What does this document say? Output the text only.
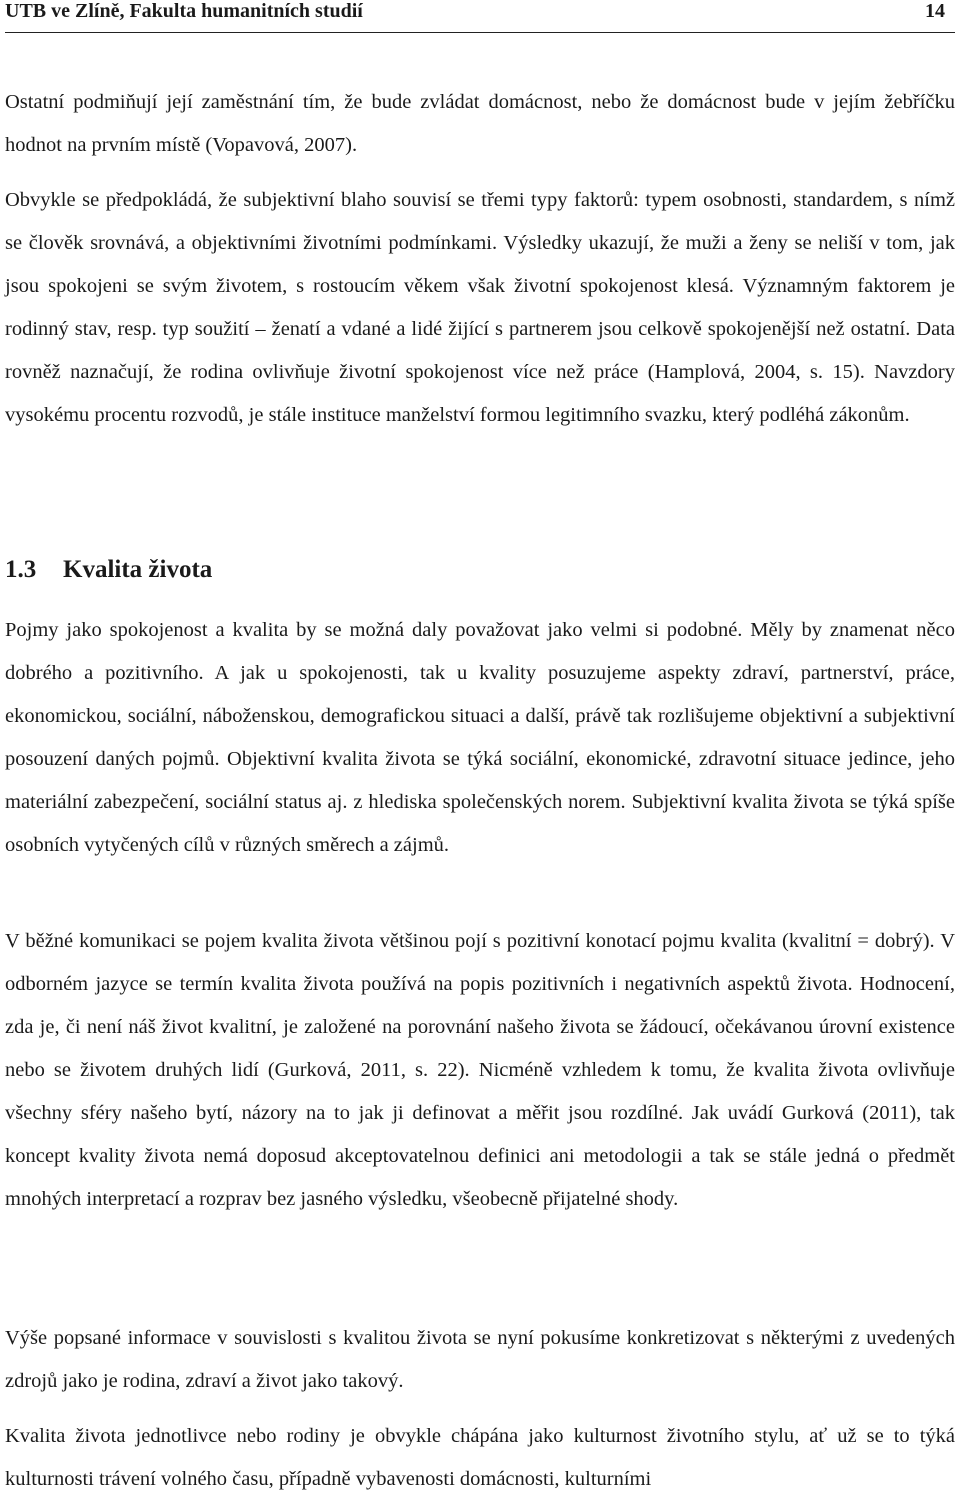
UTB ve Zlíně, Fakulta humanitních studií	14

Ostatní podmiňují její zaměstnání tím, že bude zvládat domácnost, nebo že domácnost bude v jejím žebříčku hodnot na prvním místě (Vopavová, 2007).

Obvykle se předpokládá, že subjektivní blaho souvisí se třemi typy faktorů: typem osobnosti, standardem, s nímž se člověk srovnává, a objektivními životními podmínkami. Výsledky ukazují, že muži a ženy se neliší v tom, jak jsou spokojeni se svým životem, s rostoucím věkem však životní spokojenost klesá. Významným faktorem je rodinný stav, resp. typ soužití – ženatí a vdané a lidé žijící s partnerem jsou celkově spokojenější než ostatní. Data rovněž naznačují, že rodina ovlivňuje životní spokojenost více než práce (Hamplová, 2004, s. 15). Navzdory vysokému procentu rozvodů, je stále instituce manželství formou legitimního svazku, který podléhá zákonům.

1.3 Kvalita života

Pojmy jako spokojenost a kvalita by se možná daly považovat jako velmi si podobné. Měly by znamenat něco dobrého a pozitivního. A jak u spokojenosti, tak u kvality posuzujeme aspekty zdraví, partnerství, práce, ekonomickou, sociální, náboženskou, demografickou situaci a další, právě tak rozlišujeme objektivní a subjektivní posouzení daných pojmů. Objektivní kvalita života se týká sociální, ekonomické, zdravotní situace jedince, jeho materiální zabezpečení, sociální status aj. z hlediska společenských norem. Subjektivní kvalita života se týká spíše osobních vytyčených cílů v různých směrech a zájmů.

V běžné komunikaci se pojem kvalita života většinou pojí s pozitivní konotací pojmu kvalita (kvalitní = dobrý). V odborném jazyce se termín kvalita života používá na popis pozitivních i negativních aspektů života. Hodnocení, zda je, či není náš život kvalitní, je založené na porovnání našeho života se žádoucí, očekávanou úrovní existence nebo se životem druhých lidí (Gurková, 2011, s. 22). Nicméně vzhledem k tomu, že kvalita života ovlivňuje všechny sféry našeho bytí, názory na to jak ji definovat a měřit jsou rozdílné. Jak uvádí Gurková (2011), tak koncept kvality života nemá doposud akceptovatelnou definici ani metodologii a tak se stále jedná o předmět mnohých interpretací a rozprav bez jasného výsledku, všeobecně přijatelné shody.

Výše popsané informace v souvislosti s kvalitou života se nyní pokusíme konkretizovat s některými z uvedených zdrojů jako je rodina, zdraví a život jako takový.

Kvalita života jednotlivce nebo rodiny je obvykle chápána jako kulturnost životního stylu, ať už se to týká kulturnosti trávení volného času, případně vybavenosti domácnosti, kulturními
